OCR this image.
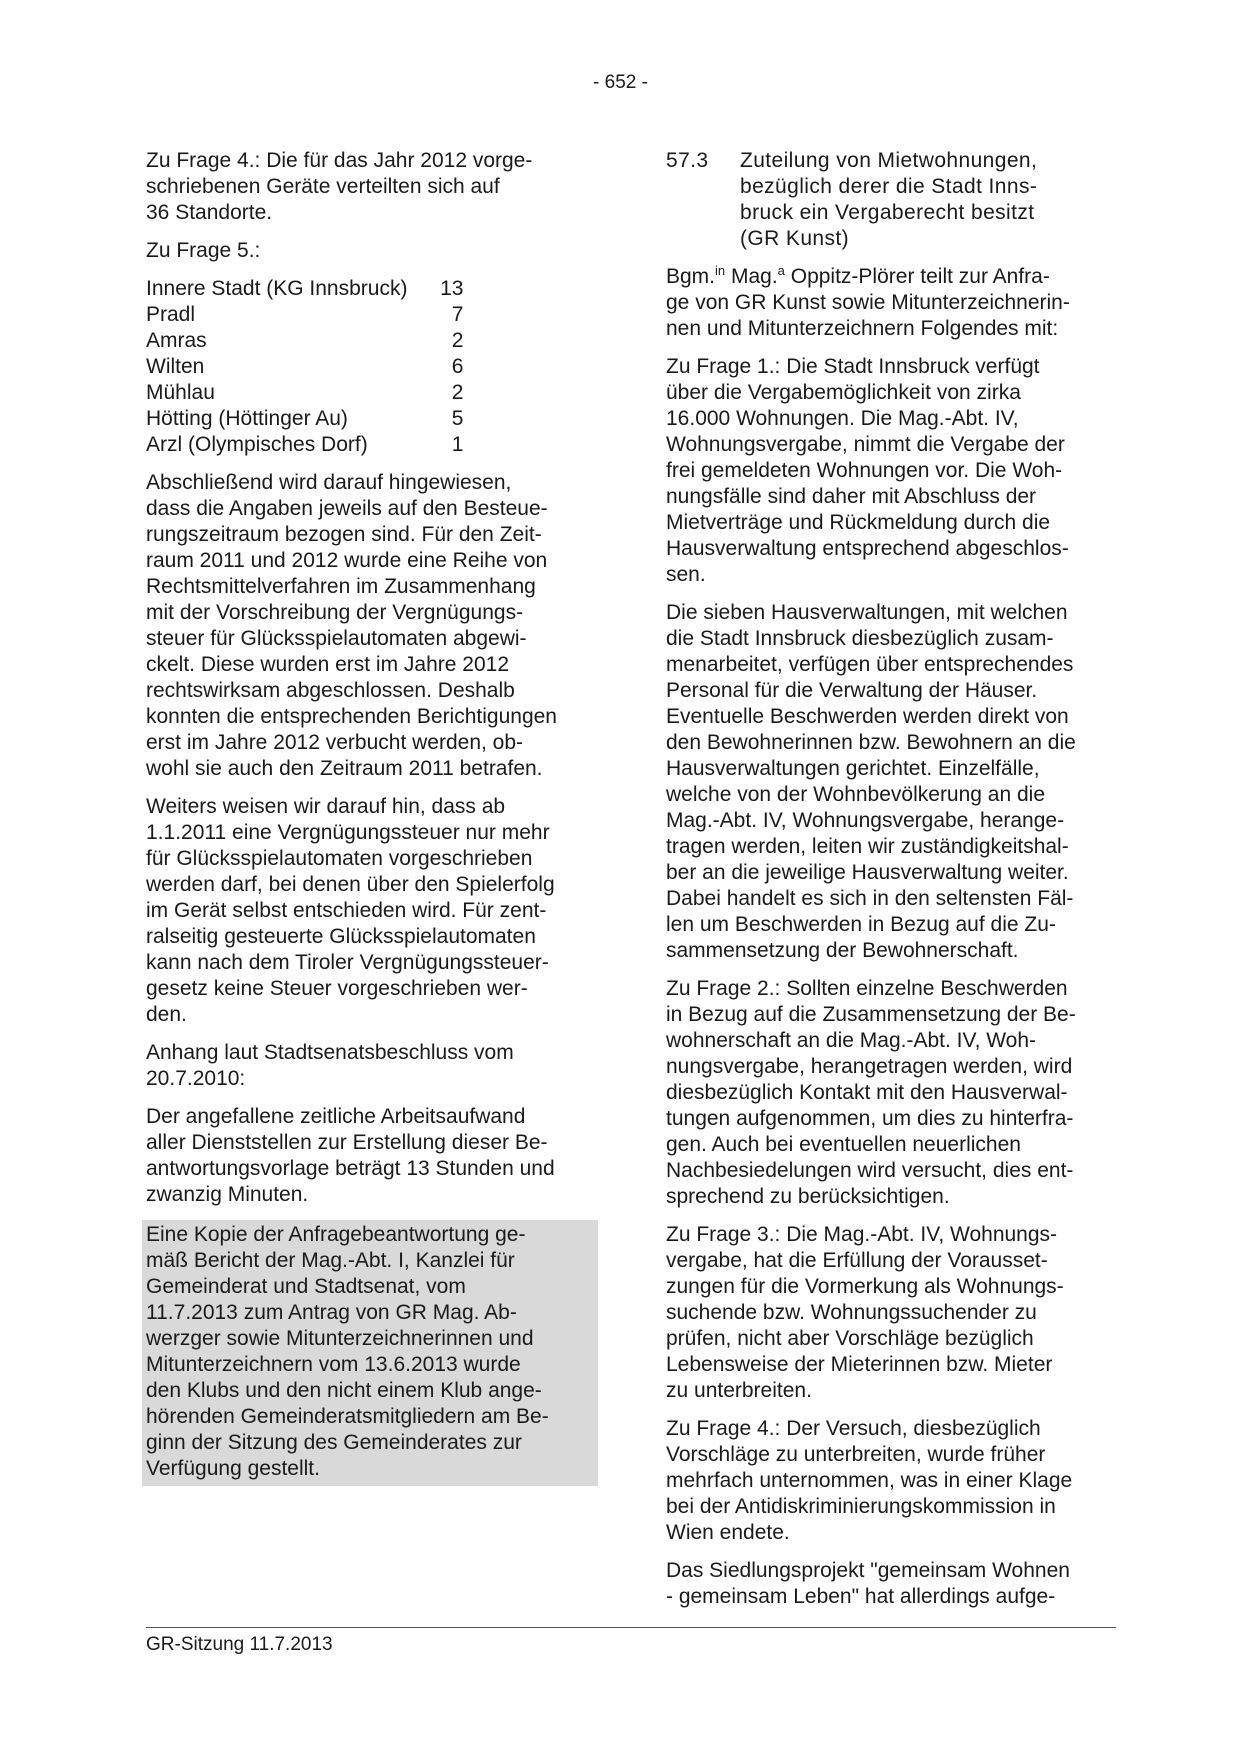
- 652 -

Zu Frage 4.: Die für das Jahr 2012 vorge-
schriebenen Geräte verteilten sich auf
36 Standorte.

Zu Frage 5.:

Innere Stadt (KG Innsbruck)	13
Pradl	7
Amras	2
Wilten	6
Mühlau	2
Hötting (Höttinger Au)	5
Arzl (Olympisches Dorf)	1

Abschließend wird darauf hingewiesen,
dass die Angaben jeweils auf den Besteue-
rungszeitraum bezogen sind. Für den Zeit-
raum 2011 und 2012 wurde eine Reihe von
Rechtsmittelverfahren im Zusammenhang
mit der Vorschreibung der Vergnügungs-
steuer für Glücksspielautomaten abgewi-
ckelt. Diese wurden erst im Jahre 2012
rechtswirksam abgeschlossen. Deshalb
konnten die entsprechenden Berichtigungen
erst im Jahre 2012 verbucht werden, ob-
wohl sie auch den Zeitraum 2011 betrafen.

Weiters weisen wir darauf hin, dass ab
1.1.2011 eine Vergnügungssteuer nur mehr
für Glücksspielautomaten vorgeschrieben
werden darf, bei denen über den Spielerfolg
im Gerät selbst entschieden wird. Für zent-
ralseitig gesteuerte Glücksspielautomaten
kann nach dem Tiroler Vergnügungssteuer-
gesetz keine Steuer vorgeschrieben wer-
den.

Anhang laut Stadtsenatsbeschluss vom
20.7.2010:

Der angefallene zeitliche Arbeitsaufwand
aller Dienststellen zur Erstellung dieser Be-
antwortungsvorlage beträgt 13 Stunden und
zwanzig Minuten.

Eine Kopie der Anfragebeantwortung ge-
mäß Bericht der Mag.-Abt. I, Kanzlei für
Gemeinderat und Stadtsenat, vom
11.7.2013 zum Antrag von GR Mag. Ab-
werzger sowie Mitunterzeichnerinnen und
Mitunterzeichnern vom 13.6.2013 wurde
den Klubs und den nicht einem Klub ange-
hörenden Gemeinderatsmitgliedern am Be-
ginn der Sitzung des Gemeinderates zur
Verfügung gestellt.

57.3	Zuteilung von Mietwohnungen,
bezüglich derer die Stadt Inns-
bruck ein Vergaberecht besitzt
(GR Kunst)

Bgm.$^{in}$ Mag.$^a$ Oppitz-Plörer teilt zur Anfra-
ge von GR Kunst sowie Mitunterzeichnerin-
nen und Mitunterzeichnern Folgendes mit:

Zu Frage 1.: Die Stadt Innsbruck verfügt
über die Vergabemöglichkeit von zirka
16.000 Wohnungen. Die Mag.-Abt. IV,
Wohnungsvergabe, nimmt die Vergabe der
frei gemeldeten Wohnungen vor. Die Woh-
nungsfälle sind daher mit Abschluss der
Mietverträge und Rückmeldung durch die
Hausverwaltung entsprechend abgeschlos-
sen.

Die sieben Hausverwaltungen, mit welchen
die Stadt Innsbruck diesbezüglich zusam-
menarbeitet, verfügen über entsprechendes
Personal für die Verwaltung der Häuser.
Eventuelle Beschwerden werden direkt von
den Bewohnerinnen bzw. Bewohnern an die
Hausverwaltungen gerichtet. Einzelfälle,
welche von der Wohnbevölkerung an die
Mag.-Abt. IV, Wohnungsvergabe, herange-
tragen werden, leiten wir zuständigkeitshal-
ber an die jeweilige Hausverwaltung weiter.
Dabei handelt es sich in den seltensten Fäl-
len um Beschwerden in Bezug auf die Zu-
sammensetzung der Bewohnerschaft.

Zu Frage 2.: Sollten einzelne Beschwerden
in Bezug auf die Zusammensetzung der Be-
wohnerschaft an die Mag.-Abt. IV, Woh-
nungsvergabe, herangetragen werden, wird
diesbezüglich Kontakt mit den Hausverwal-
tungen aufgenommen, um dies zu hinterfra-
gen. Auch bei eventuellen neuerlichen
Nachbesiedelungen wird versucht, dies ent-
sprechend zu berücksichtigen.

Zu Frage 3.: Die Mag.-Abt. IV, Wohnungs-
vergabe, hat die Erfüllung der Vorausset-
zungen für die Vormerkung als Wohnungs-
suchende bzw. Wohnungssuchender zu
prüfen, nicht aber Vorschläge bezüglich
Lebensweise der Mieterinnen bzw. Mieter
zu unterbreiten.

Zu Frage 4.: Der Versuch, diesbezüglich
Vorschläge zu unterbreiten, wurde früher
mehrfach unternommen, was in einer Klage
bei der Antidiskriminierungskommission in
Wien endete.

Das Siedlungsprojekt "gemeinsam Wohnen
- gemeinsam Leben" hat allerdings aufge-

GR-Sitzung 11.7.2013
